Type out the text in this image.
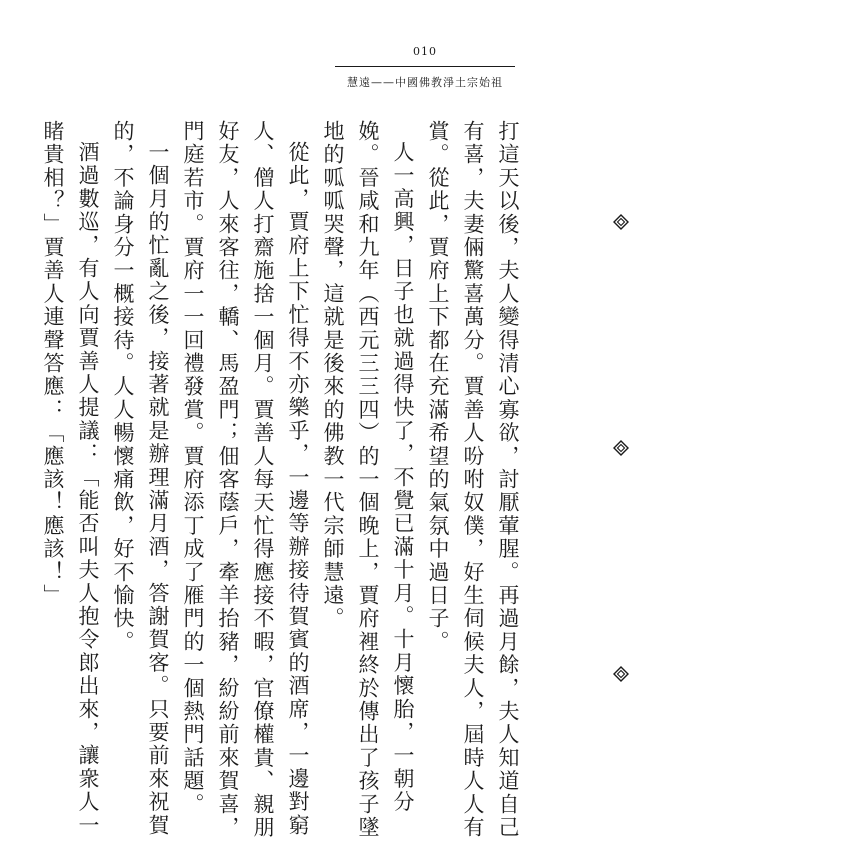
010
慧遠——中國佛教淨土宗始祖

打這天以後，夫人變得清心寡欲，討厭葷腥。再過月餘，夫人知道自己有喜，夫妻倆驚喜萬分。賈善人吩咐奴僕，好生伺候夫人，屆時人人有賞。從此，賈府上下都在充滿希望的氣氛中過日子。

人一高興，日子也就過得快了，不覺已滿十月。十月懷胎，一朝分娩。晉咸和九年（西元三三四）的一個晚上，賈府裡終於傳出了孩子墜地的呱呱哭聲，這就是後來的佛教一代宗師慧遠。

從此，賈府上下忙得不亦樂乎，一邊等辦接待賀賓的酒席，一邊對窮人、僧人打齋施捨一個月。賈善人每天忙得應接不暇，官僚權貴、親朋好友，人來客往，轎、馬盈門；佃客蔭戶，牽羊抬豬，紛紛前來賀喜，門庭若市。賈府一一回禮發賞。賈府添丁成了雁門的一個熱門話題。

一個月的忙亂之後，接著就是辦理滿月酒，答謝賀客。只要前來祝賀的，不論身分一概接待。人人暢懷痛飲，好不愉快。

酒過數巡，有人向賈善人提議：「能否叫夫人抱令郎出來，讓衆人一睹貴相？」賈善人連聲答應：「應該！應該！」
